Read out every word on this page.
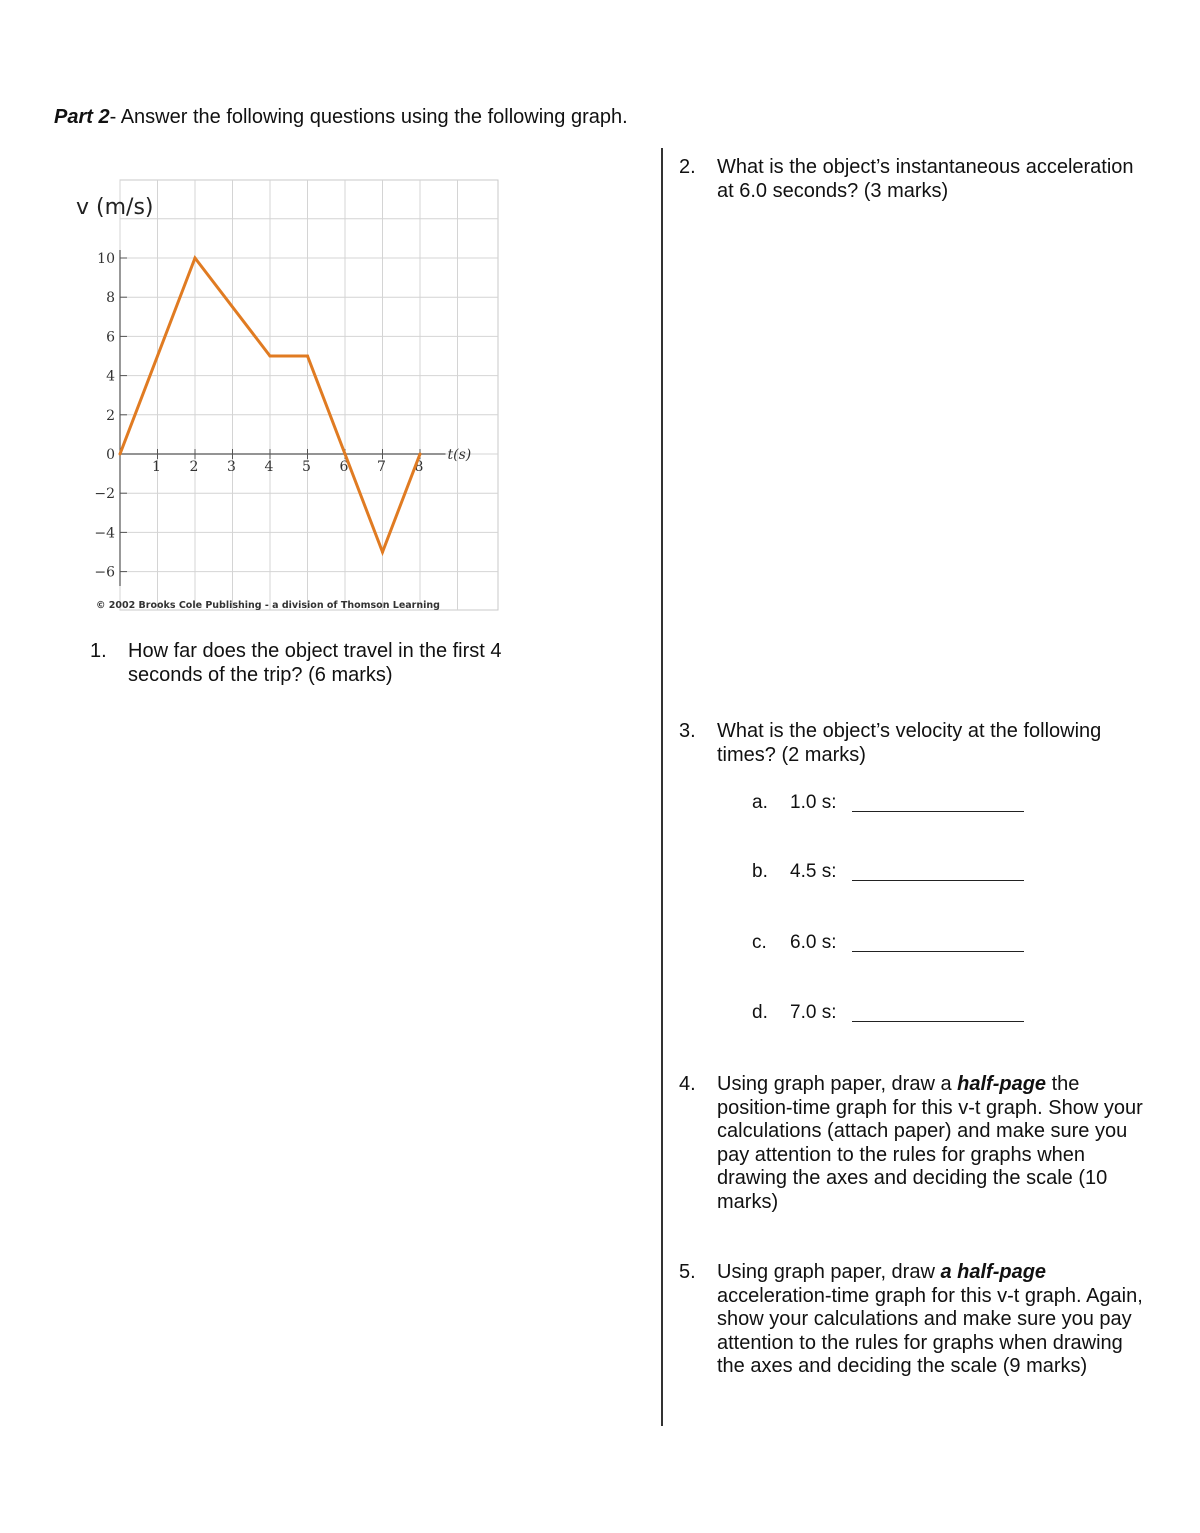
Part 2- Answer the following questions using the following graph.
10
8
6
4
2
0
−2
−4
−6
1 2 3 4 5 6 7 8
t(s)
v (m/s)
© 2002 Brooks Cole Publishing - a division of Thomson Learning
1. How far does the object travel in the first 4
seconds of the trip? (6 marks)
2. What is the object’s instantaneous acceleration
at 6.0 seconds? (3 marks)
3. What is the object’s velocity at the following
times? (2 marks)
a. 1.0 s:
b. 4.5 s:
c. 6.0 s:
d. 7.0 s:
4. Using graph paper, draw a half-page the
position-time graph for this v-t graph. Show your
calculations (attach paper) and make sure you
pay attention to the rules for graphs when
drawing the axes and deciding the scale (10
marks)
5. Using graph paper, draw a half-page
acceleration-time graph for this v-t graph. Again,
show your calculations and make sure you pay
attention to the rules for graphs when drawing
the axes and deciding the scale (9 marks)
